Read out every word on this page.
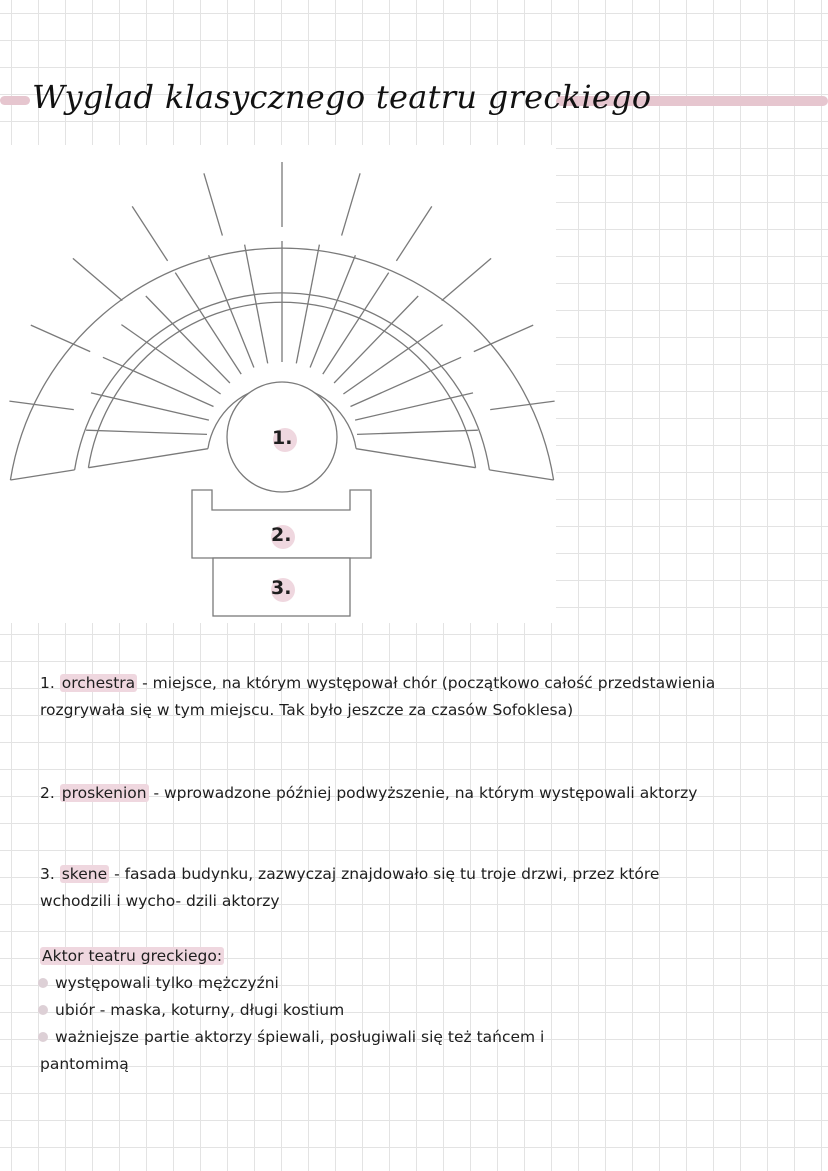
Wyglad klasycznego teatru greckiego
1.
2.
3.
1. orchestra - miejsce, na którym występował chór (początkowo całość przedstawienia rozgrywała się w tym miejscu. Tak było jeszcze za czasów Sofoklesa)
2. proskenion - wprowadzone później podwyższenie, na którym występowali aktorzy
3. skene - fasada budynku, zazwyczaj znajdowało się tu troje drzwi, przez które wchodzili i wycho- dzili aktorzy
Aktor teatru greckiego:
występowali tylko mężczyźni
ubiór - maska, koturny, długi kostium
ważniejsze partie aktorzy śpiewali, posługiwali się też tańcem i
pantomimą
